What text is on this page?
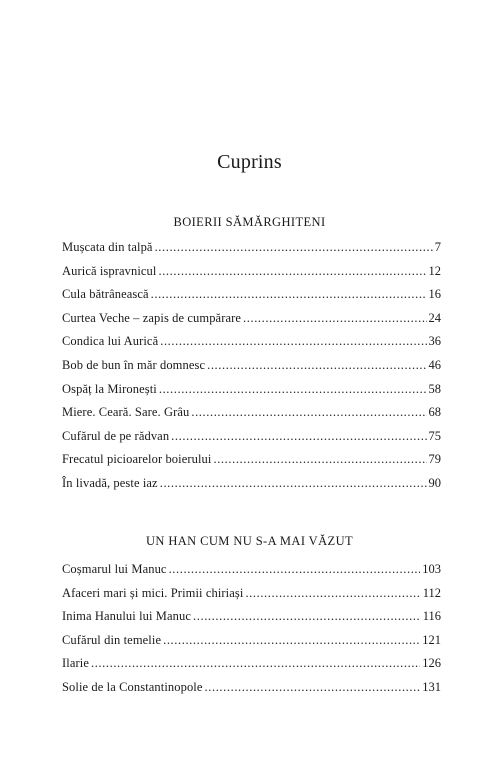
Cuprins
BOIERII SĂMĂRGHITENI
Mușcata din talpă .....	7
Aurică ispravnicul .....	12
Cula bătrânească .....	16
Curtea Veche – zapis de cumpărare .....	24
Condica lui Aurică .....	36
Bob de bun în măr domnesc .....	46
Ospăț la Mironești .....	58
Miere. Ceară. Sare. Grâu .....	68
Cufărul de pe rădvan .....	75
Frecatul picioarelor boierului .....	79
În livadă, peste iaz .....	90
UN HAN CUM NU S-A MAI VĂZUT
Coșmarul lui Manuc .....	103
Afaceri mari și mici. Primii chiriași .....	112
Inima Hanului lui Manuc .....	116
Cufărul din temelie .....	121
Ilarie .....	126
Solie de la Constantinopole .....	131
